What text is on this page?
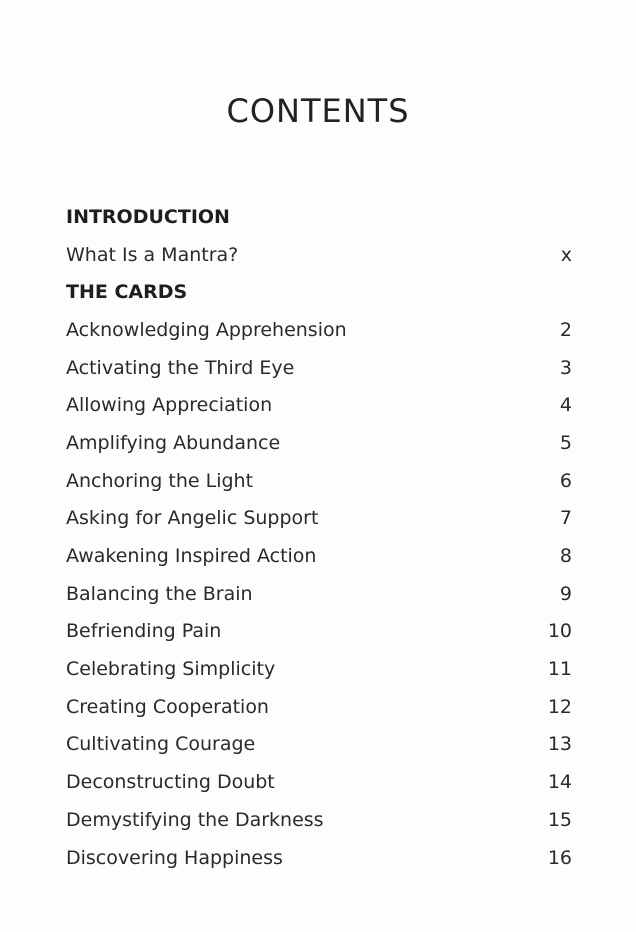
CONTENTS
INTRODUCTION
What Is a Mantra?	x
THE CARDS
Acknowledging Apprehension	2
Activating the Third Eye	3
Allowing Appreciation	4
Amplifying Abundance	5
Anchoring the Light	6
Asking for Angelic Support	7
Awakening Inspired Action	8
Balancing the Brain	9
Befriending Pain	10
Celebrating Simplicity	11
Creating Cooperation	12
Cultivating Courage	13
Deconstructing Doubt	14
Demystifying the Darkness	15
Discovering Happiness	16
